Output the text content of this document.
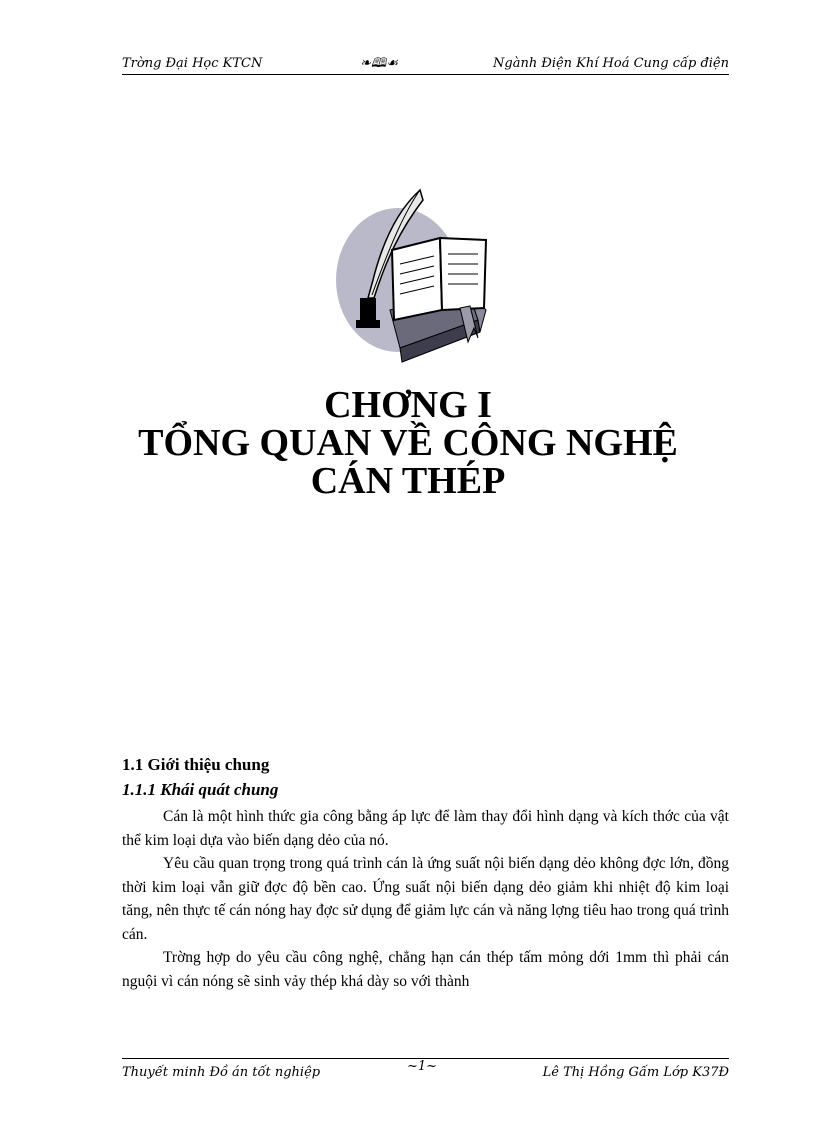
Trờng Đại Học KTCN	❧🕮☙	Ngành Điện Khí Hoá Cung cấp điện
CHƠNG I
TỔNG QUAN VỀ CÔNG NGHỆ
CÁN THÉP
1.1 Giới thiệu chung
1.1.1 Khái quát chung

Cán là một hình thức gia công bằng áp lực để làm thay đổi hình dạng và kích thớc của vật thể kim loại dựa vào biến dạng dẻo của nó.

Yêu cầu quan trọng trong quá trình cán là ứng suất nội biến dạng dẻo không đợc lớn, đồng thời kim loại vẫn giữ đợc độ bền cao. Ứng suất nội biến dạng dẻo giảm khi nhiệt độ kim loại tăng, nên thực tế cán nóng hay đợc sử dụng để giảm lực cán và năng lợng tiêu hao trong quá trình cán.

Trờng hợp do yêu cầu công nghệ, chẳng hạn cán thép tấm mỏng dới 1mm thì phải cán nguội vì cán nóng sẽ sinh vảy thép khá dày so với thành

Thuyết minh Đồ án tốt nghiệp	~1~	Lê Thị Hồng Gấm Lớp K37Đ
